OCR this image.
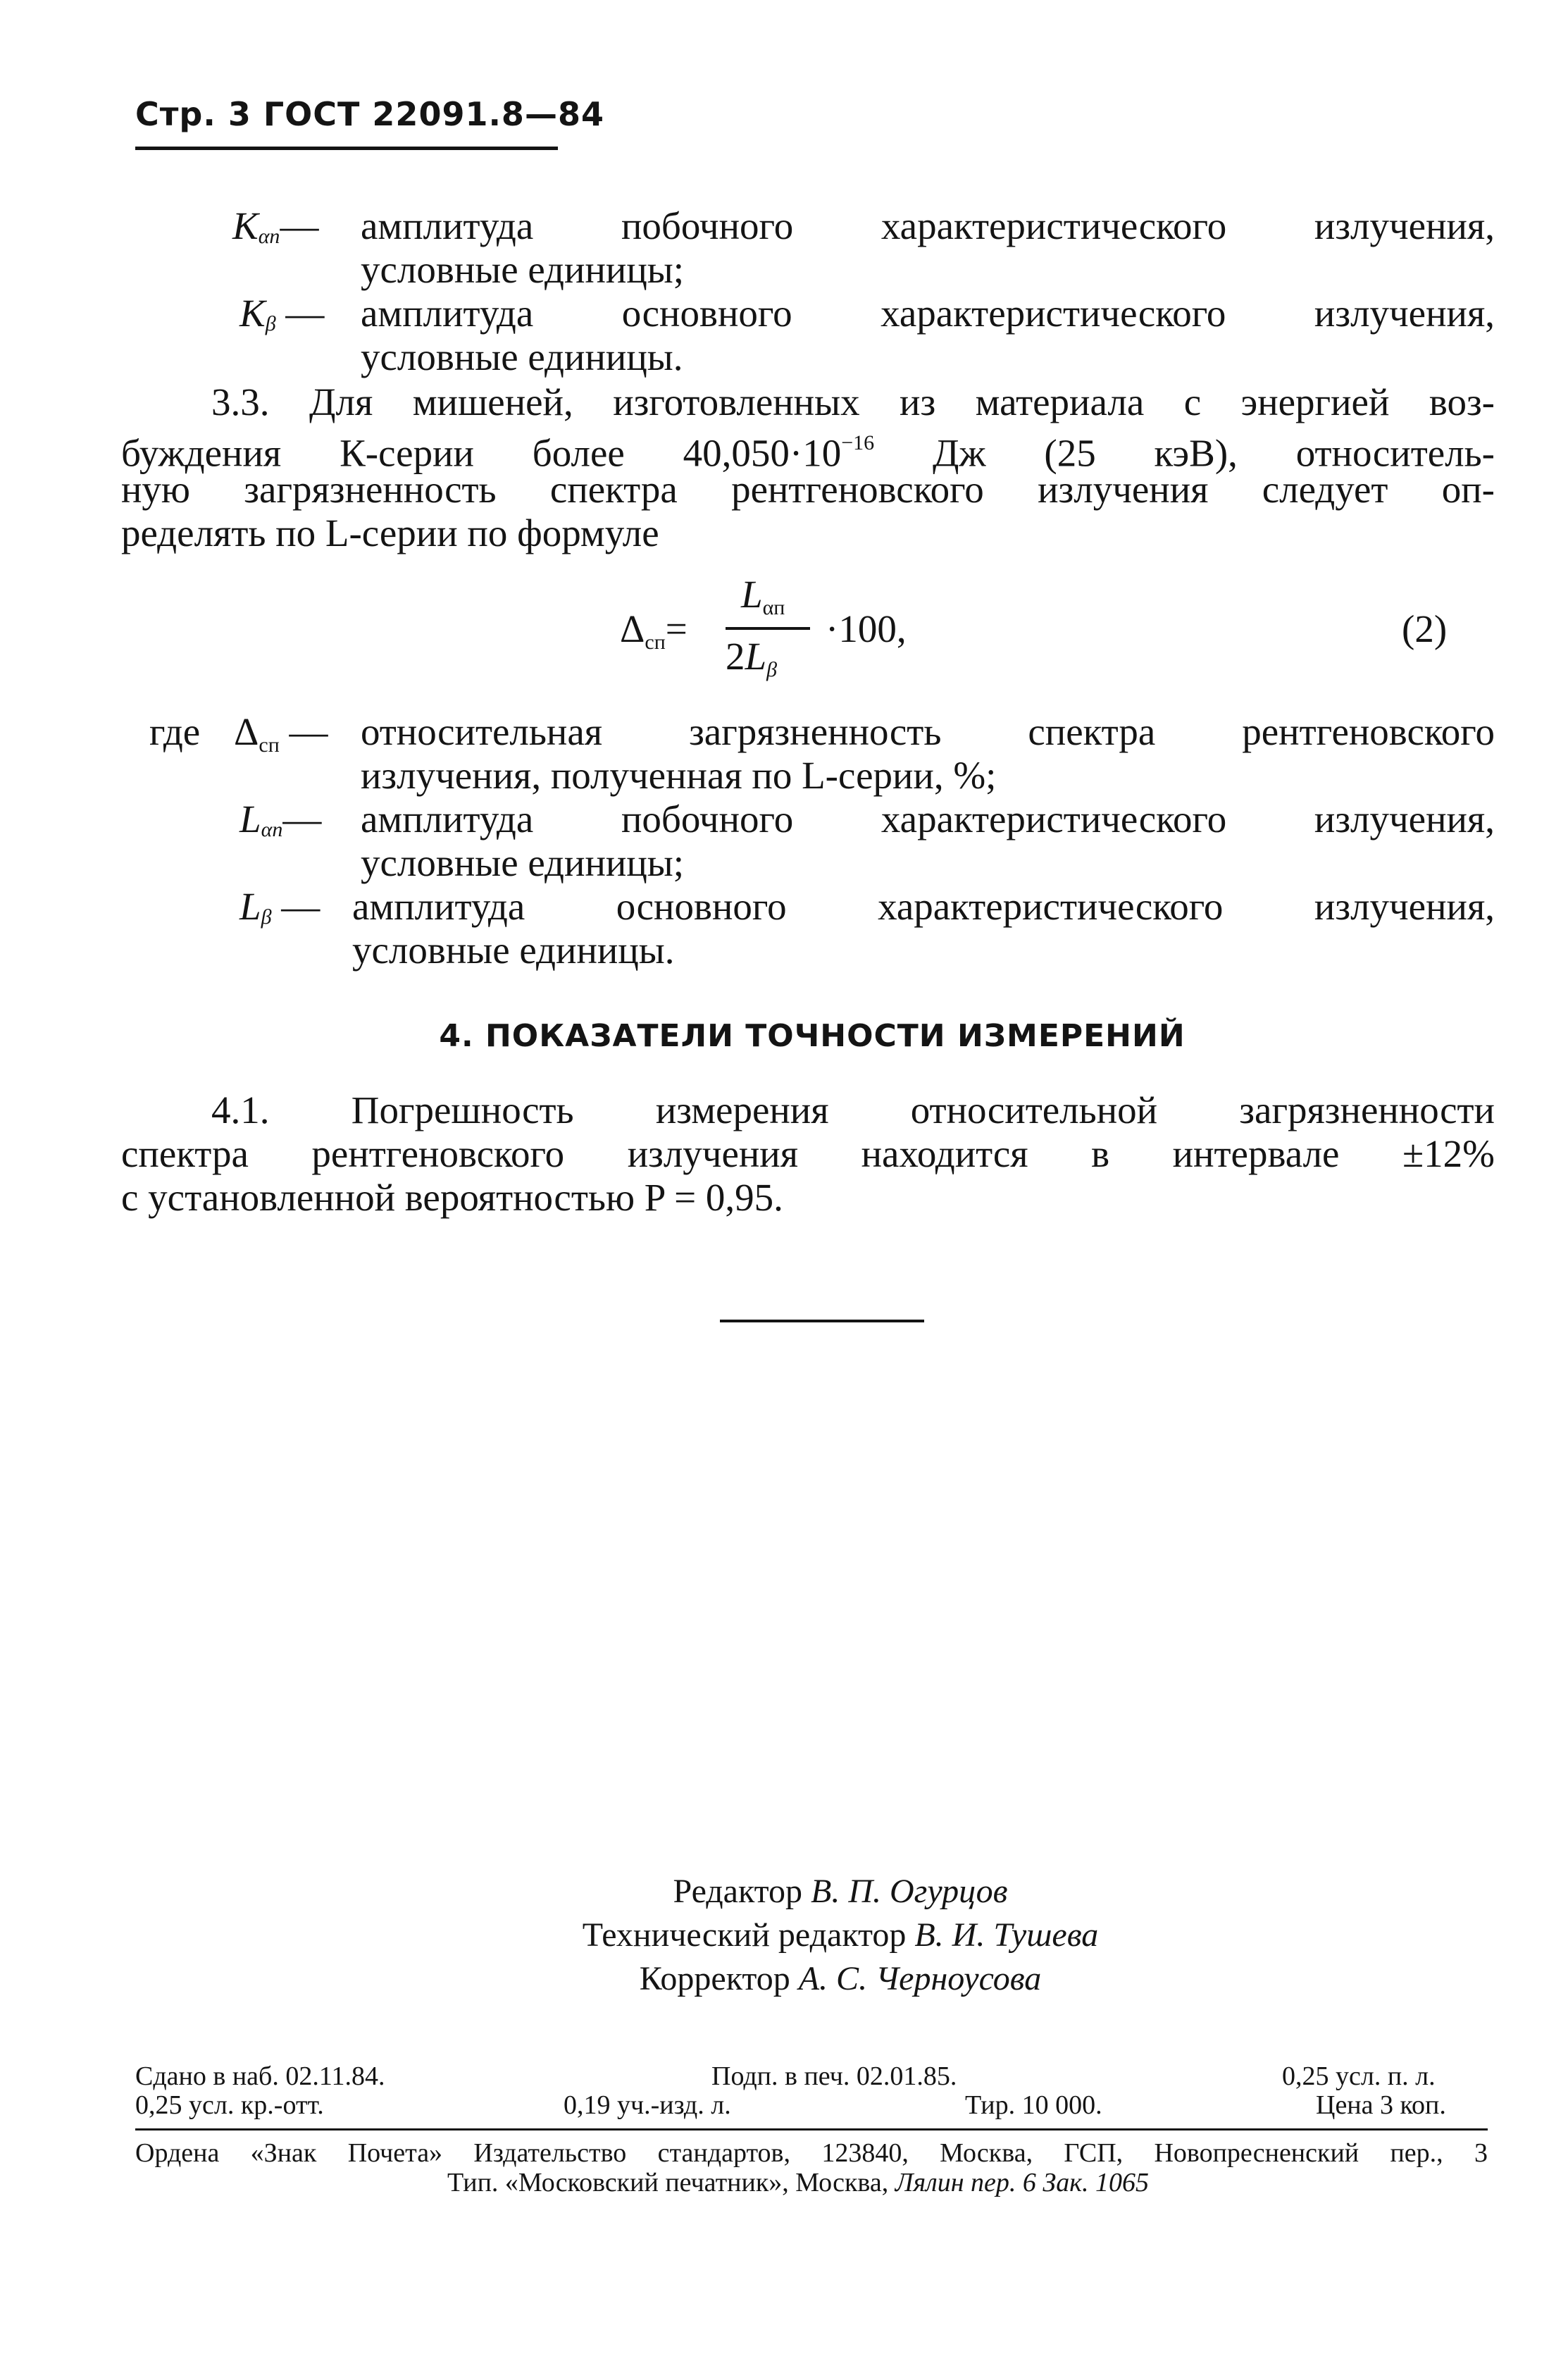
Стр. 3 ГОСТ 22091.8—84
Kαп— амплитуда побочного характеристического излучения,
условные единицы;
Kβ — амплитуда основного характеристического излучения,
условные единицы.
3.3. Для мишеней, изготовленных из материала с энергией воз-
буждения К-серии более $40,050\cdot 10^{-16}$ Дж (25 кэВ), относитель-
ную загрязненность спектра рентгеновского излучения следует оп-
ределять по L-серии по формуле
Δсп=
Lαп
2Lβ
·100,	(2)
где Δсп — относительная загрязненность спектра рентгеновского
излучения, полученная по L-серии, %;
Lαп— амплитуда побочного характеристического излучения,
условные единицы;
Lβ — амплитуда основного характеристического излучения,
условные единицы.
4. ПОКАЗАТЕЛИ ТОЧНОСТИ ИЗМЕРЕНИЙ
4.1. Погрешность измерения относительной загрязненности
спектра рентгеновского излучения находится в интервале ±12%
с установленной вероятностью P = 0,95.
Редактор В. П. Огурцов
Технический редактор В. И. Тушева
Корректор А. С. Черноусова
Сдано в наб. 02.11.84.	Подп. в печ. 02.01.85.	0,25 усл. п. л.
0,25 усл. кр.-отт.	0,19 уч.-изд. л.	Тир. 10 000.	Цена 3 коп.
Ордена «Знак Почета» Издательство стандартов, 123840, Москва, ГСП, Новопресненский пер., 3
Тип. «Московский печатник», Москва, Лялин пер. 6 Зак. 1065
